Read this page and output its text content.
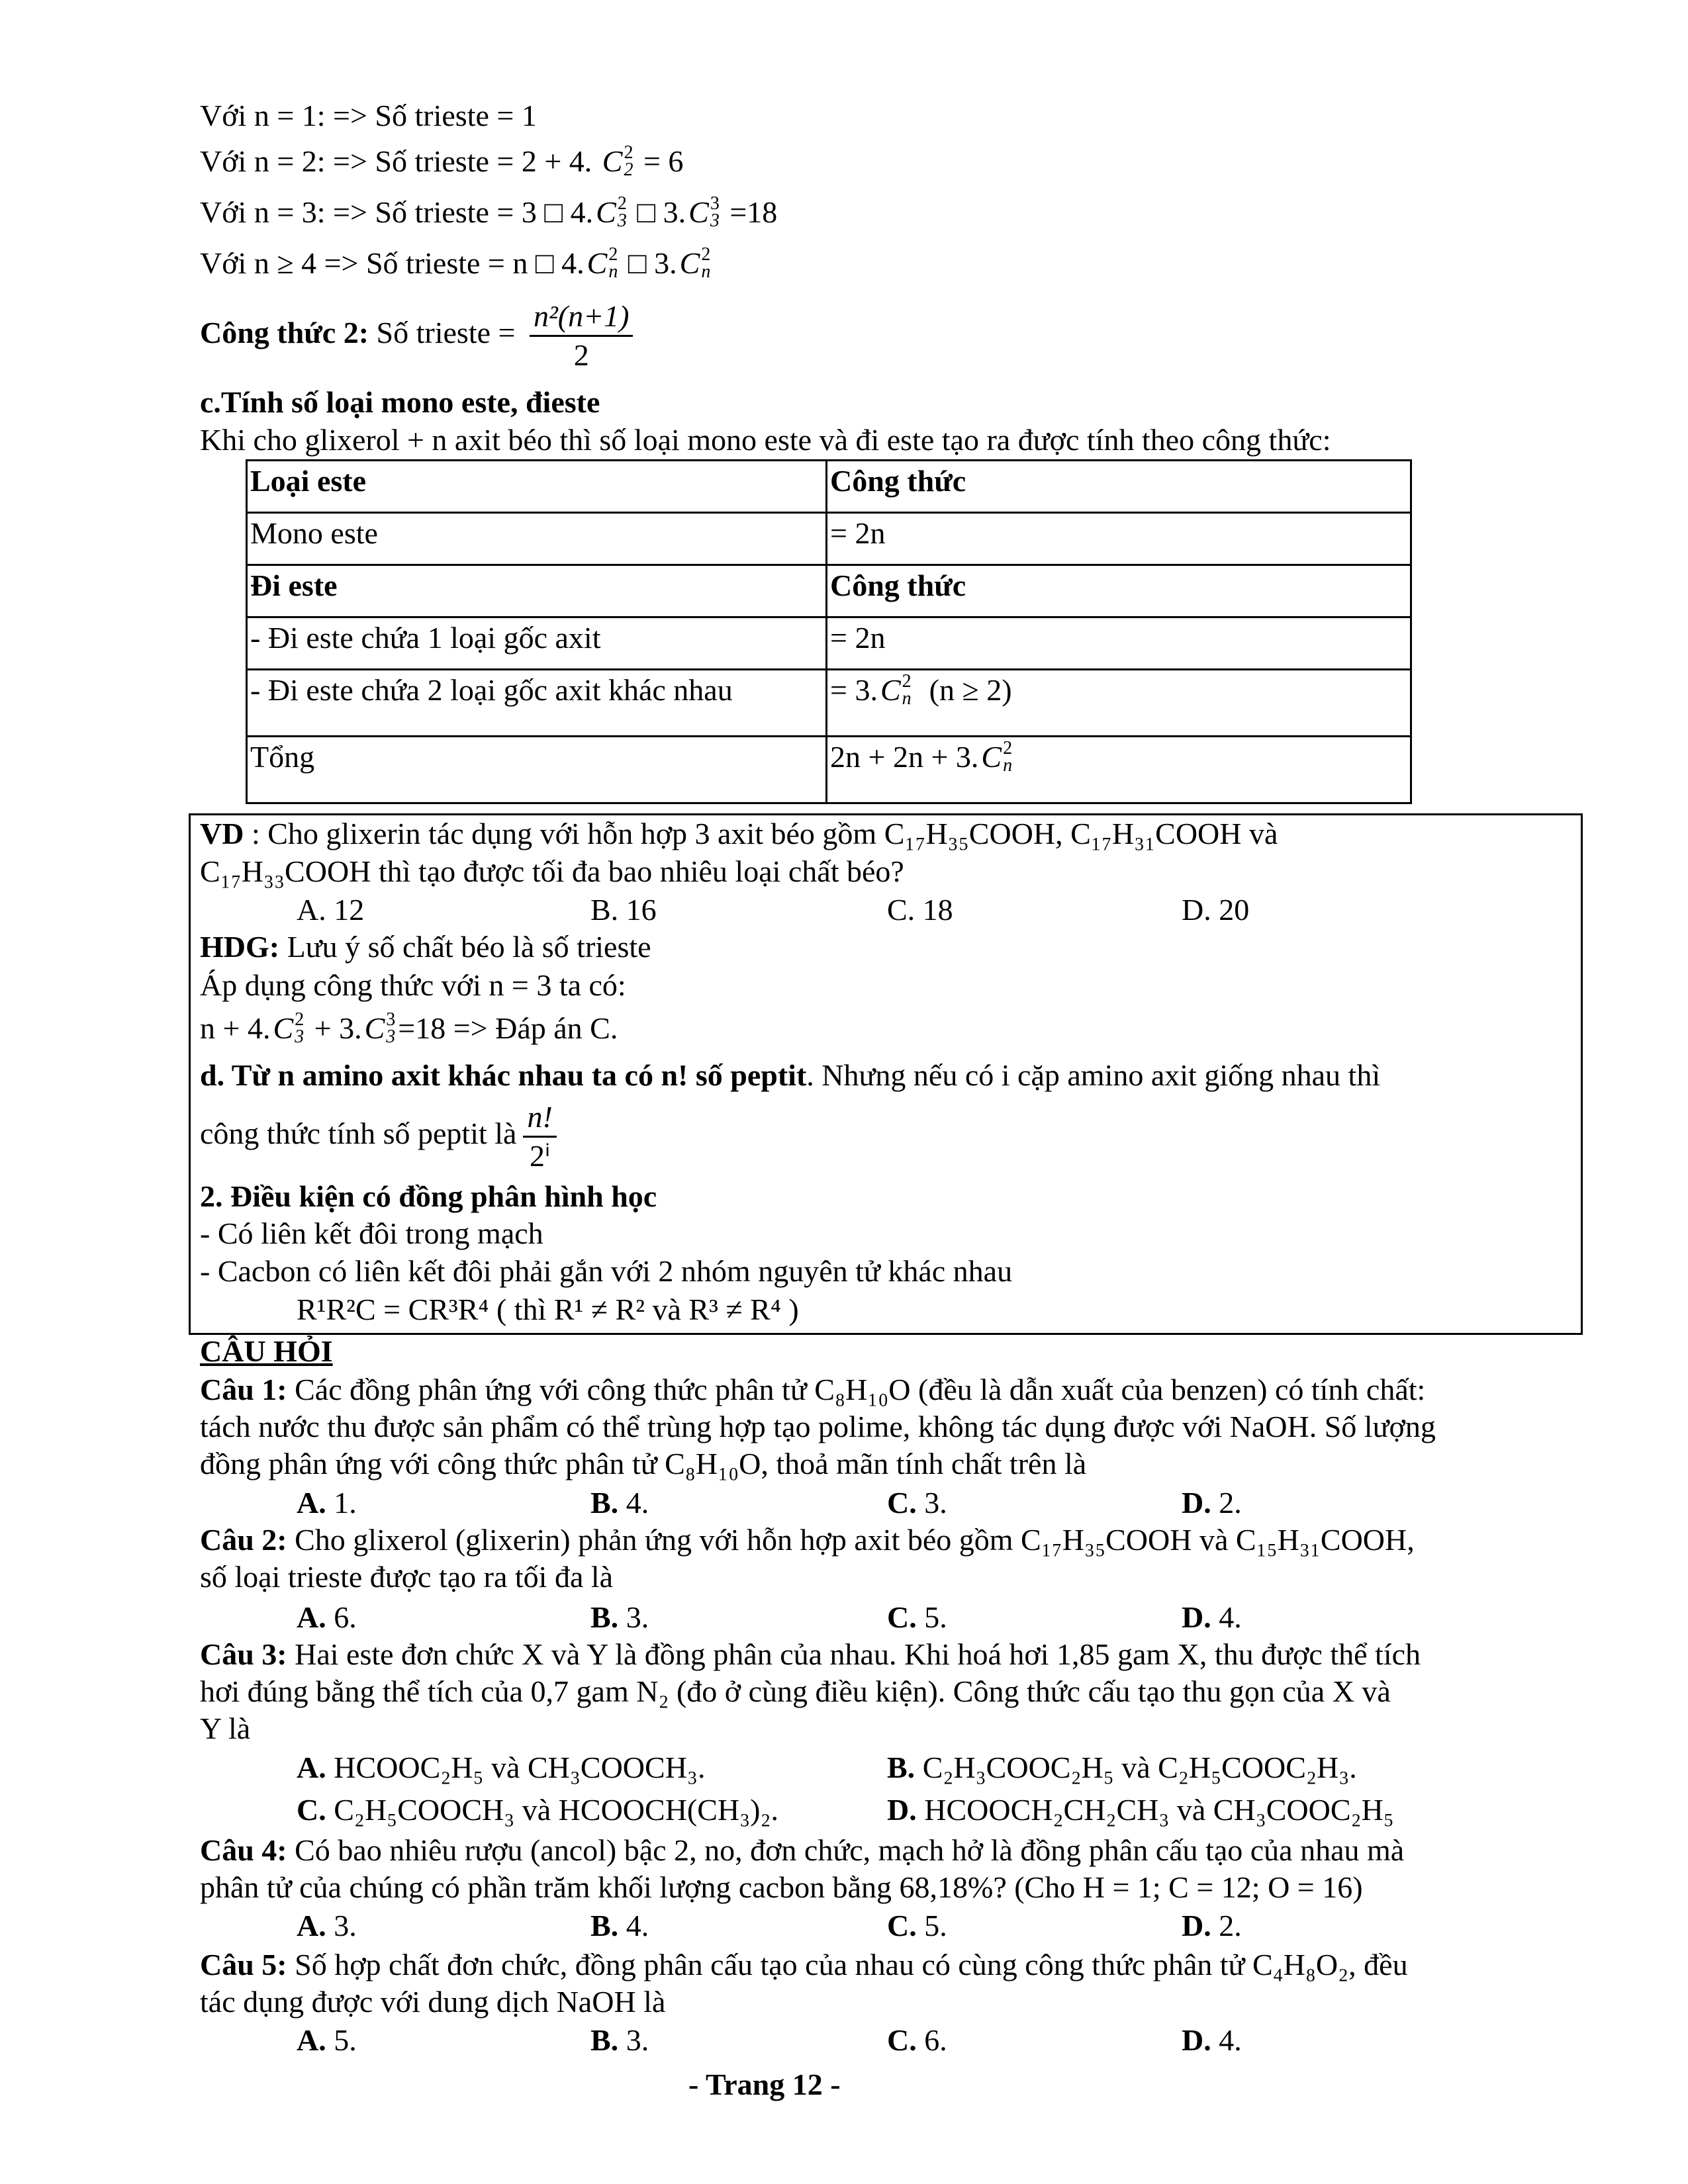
Với n = 1: => Số trieste = 1
Với n = 2: => Số trieste = 2 + 4. C 2
2 = 6
Với n = 3: => Số trieste = 3 □ 4.C 2
3 □ 3.C 3
3 =18
Với n ≥ 4 => Số trieste = n □ 4.C 2
n □ 3.C 2
n
Công thức 2: Số trieste = $\frac{\text{n²(n+1)}}{2}$
c.Tính số loại mono este, đieste
Khi cho glixerol + n axit béo thì số loại mono este và đi este tạo ra được tính theo công thức:
Loại este	Công thức
Mono este	= 2n
Đi este	Công thức
- Đi este chứa 1 loại gốc axit	= 2n
- Đi este chứa 2 loại gốc axit khác nhau	= 3.C 2
n (n ≥ 2)
Tổng	2n + 2n + 3.C 2
n
VD : Cho glixerin tác dụng với hỗn hợp 3 axit béo gồm C₁₇H₃₅COOH, C₁₇H₃₁COOH và
C₁₇H₃₃COOH thì tạo được tối đa bao nhiêu loại chất béo?
A. 12	B. 16	C. 18	D. 20
HDG: Lưu ý số chất béo là số trieste
Áp dụng công thức với n = 3 ta có:
n + 4.C 2
3 + 3.C 3
3 =18 => Đáp án C.
d. Từ n amino axit khác nhau ta có n! số peptit. Nhưng nếu có i cặp amino axit giống nhau thì
công thức tính số peptit là $\frac{n!}{\text{2ⁱ}}$
2. Điều kiện có đồng phân hình học
- Có liên kết đôi trong mạch
- Cacbon có liên kết đôi phải gắn với 2 nhóm nguyên tử khác nhau
R¹R²C = CR³R⁴ ( thì R¹ ≠ R² và R³ ≠ R⁴ )
CÂU HỎI
Câu 1: Các đồng phân ứng với công thức phân tử C₈H₁₀O (đều là dẫn xuất của benzen) có tính chất:
tách nước thu được sản phẩm có thể trùng hợp tạo polime, không tác dụng được với NaOH. Số lượng
đồng phân ứng với công thức phân tử C₈H₁₀O, thoả mãn tính chất trên là
A. 1.	B. 4.	C. 3.	D. 2.
Câu 2: Cho glixerol (glixerin) phản ứng với hỗn hợp axit béo gồm C₁₇H₃₅COOH và C₁₅H₃₁COOH,
số loại trieste được tạo ra tối đa là
A. 6.	B. 3.	C. 5.	D. 4.
Câu 3: Hai este đơn chức X và Y là đồng phân của nhau. Khi hoá hơi 1,85 gam X, thu được thể tích
hơi đúng bằng thể tích của 0,7 gam N₂ (đo ở cùng điều kiện). Công thức cấu tạo thu gọn của X và
Y là
A. HCOOC₂H₅ và CH₃COOCH₃.	B. C₂H₃COOC₂H₅ và C₂H₅COOC₂H₃.
C. C₂H₅COOCH₃ và HCOOCH(CH₃)₂.	D. HCOOCH₂CH₂CH₃ và CH₃COOC₂H₅
Câu 4: Có bao nhiêu rượu (ancol) bậc 2, no, đơn chức, mạch hở là đồng phân cấu tạo của nhau mà
phân tử của chúng có phần trăm khối lượng cacbon bằng 68,18%? (Cho H = 1; C = 12; O = 16)
A. 3.	B. 4.	C. 5.	D. 2.
Câu 5: Số hợp chất đơn chức, đồng phân cấu tạo của nhau có cùng công thức phân tử C₄H₈O₂, đều
tác dụng được với dung dịch NaOH là
A. 5.	B. 3.	C. 6.	D. 4.
- Trang 12 -
